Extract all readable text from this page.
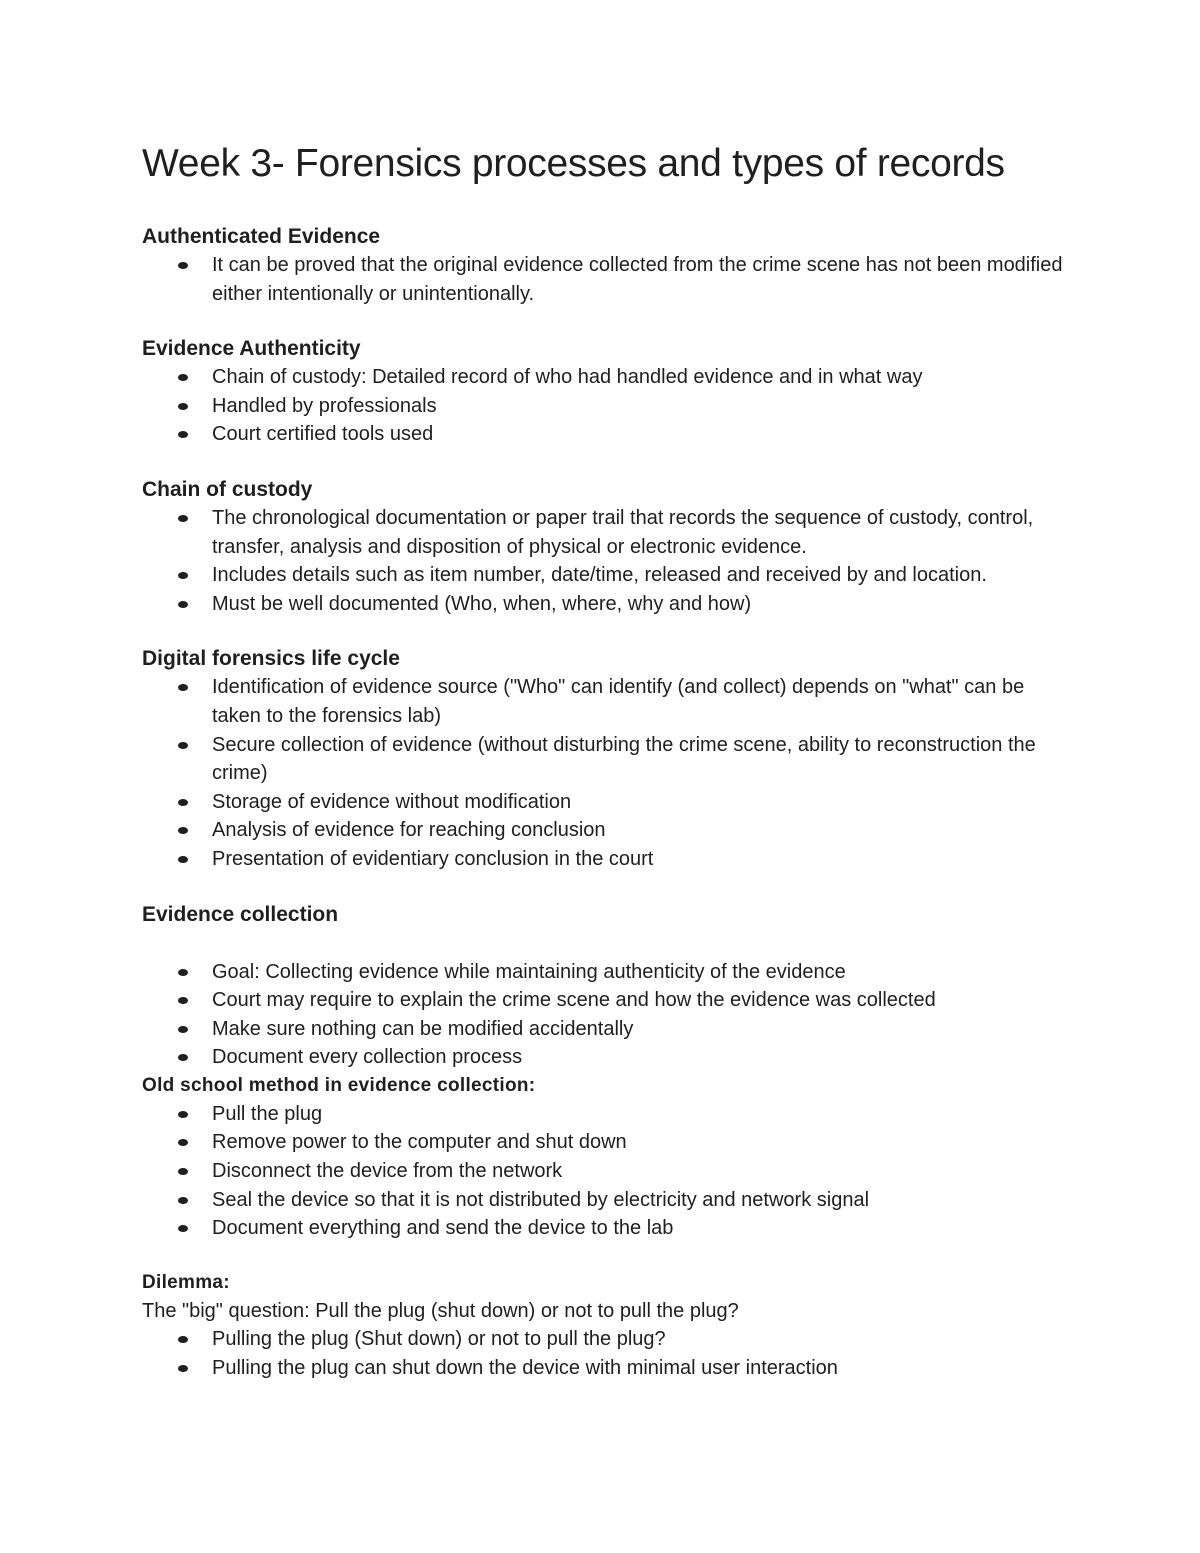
Week 3- Forensics processes and types of records
Authenticated Evidence
It can be proved that the original evidence collected from the crime scene has not been modified either intentionally or unintentionally.
Evidence Authenticity
Chain of custody: Detailed record of who had handled evidence and in what way
Handled by professionals
Court certified tools used
Chain of custody
The chronological documentation or paper trail that records the sequence of custody, control, transfer, analysis and disposition of physical or electronic evidence.
Includes details such as item number, date/time, released and received by and location.
Must be well documented (Who, when, where, why and how)
Digital forensics life cycle
Identification of evidence source ("Who" can identify (and collect) depends on "what" can be taken to the forensics lab)
Secure collection of evidence (without disturbing the crime scene, ability to reconstruction the crime)
Storage of evidence without modification
Analysis of evidence for reaching conclusion
Presentation of evidentiary conclusion in the court
Evidence collection
Goal: Collecting evidence while maintaining authenticity of the evidence
Court may require to explain the crime scene and how the evidence was collected
Make sure nothing can be modified accidentally
Document every collection process
Old school method in evidence collection:
Pull the plug
Remove power to the computer and shut down
Disconnect the device from the network
Seal the device so that it is not distributed by electricity and network signal
Document everything and send the device to the lab
Dilemma:

The "big" question: Pull the plug (shut down) or not to pull the plug?

Pulling the plug (Shut down) or not to pull the plug?
Pulling the plug can shut down the device with minimal user interaction
